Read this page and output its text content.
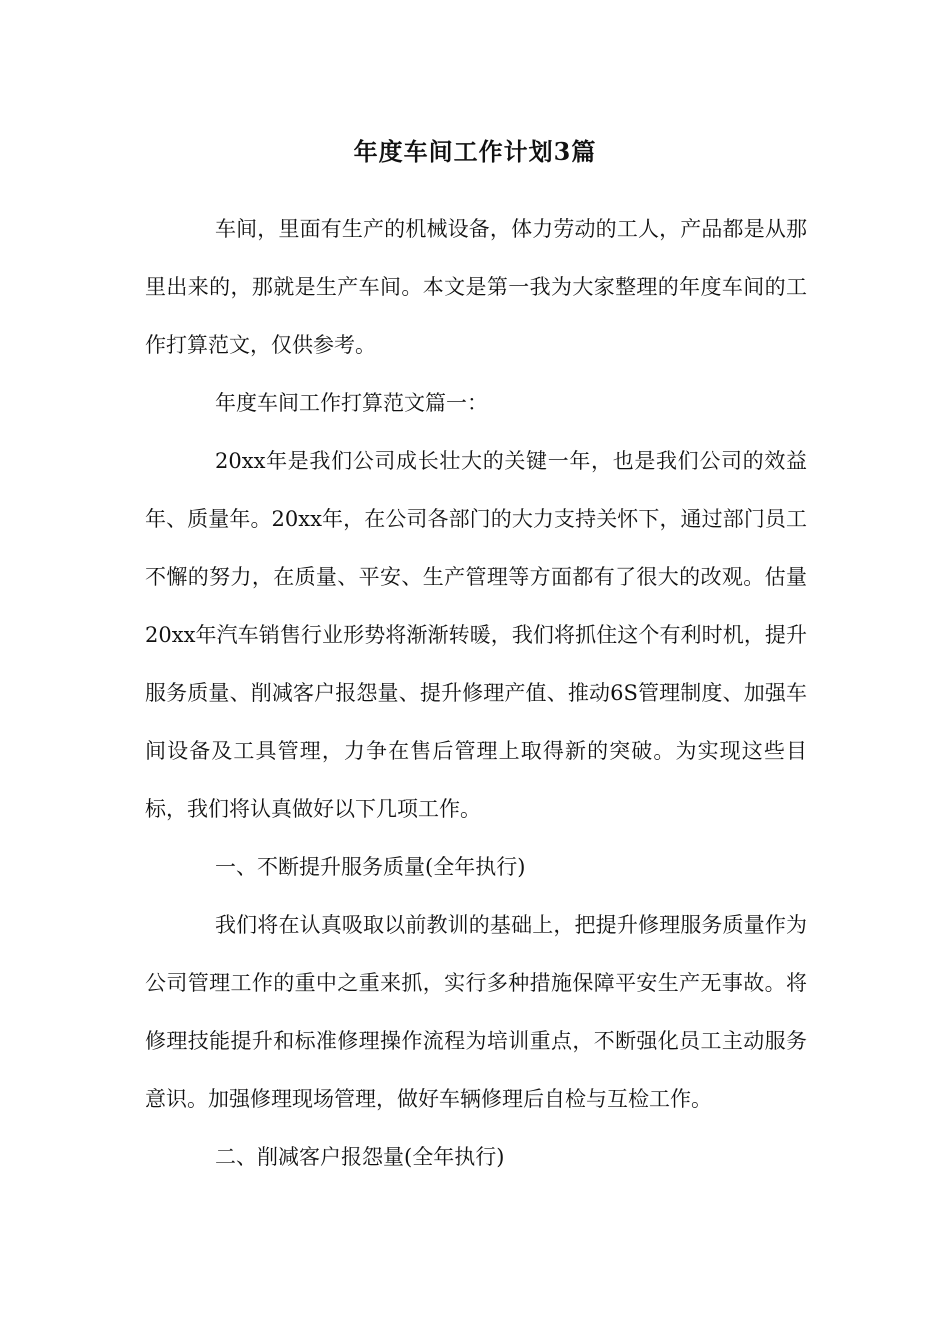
年度车间工作计划3篇

车间，里面有生产的机械设备，体力劳动的工人，产品都是从那里出来的，那就是生产车间。本文是第一我为大家整理的年度车间的工作打算范文，仅供参考。

年度车间工作打算范文篇一：

20xx年是我们公司成长壮大的关键一年，也是我们公司的效益年、质量年。20xx年，在公司各部门的大力支持关怀下，通过部门员工不懈的努力，在质量、平安、生产管理等方面都有了很大的改观。估量20xx年汽车销售行业形势将渐渐转暖，我们将抓住这个有利时机，提升服务质量、削减客户报怨量、提升修理产值、推动6S管理制度、加强车间设备及工具管理，力争在售后管理上取得新的突破。为实现这些目标，我们将认真做好以下几项工作。

一、不断提升服务质量(全年执行)

我们将在认真吸取以前教训的基础上，把提升修理服务质量作为公司管理工作的重中之重来抓，实行多种措施保障平安生产无事故。将修理技能提升和标准修理操作流程为培训重点，不断强化员工主动服务意识。加强修理现场管理，做好车辆修理后自检与互检工作。

二、削减客户报怨量(全年执行)
